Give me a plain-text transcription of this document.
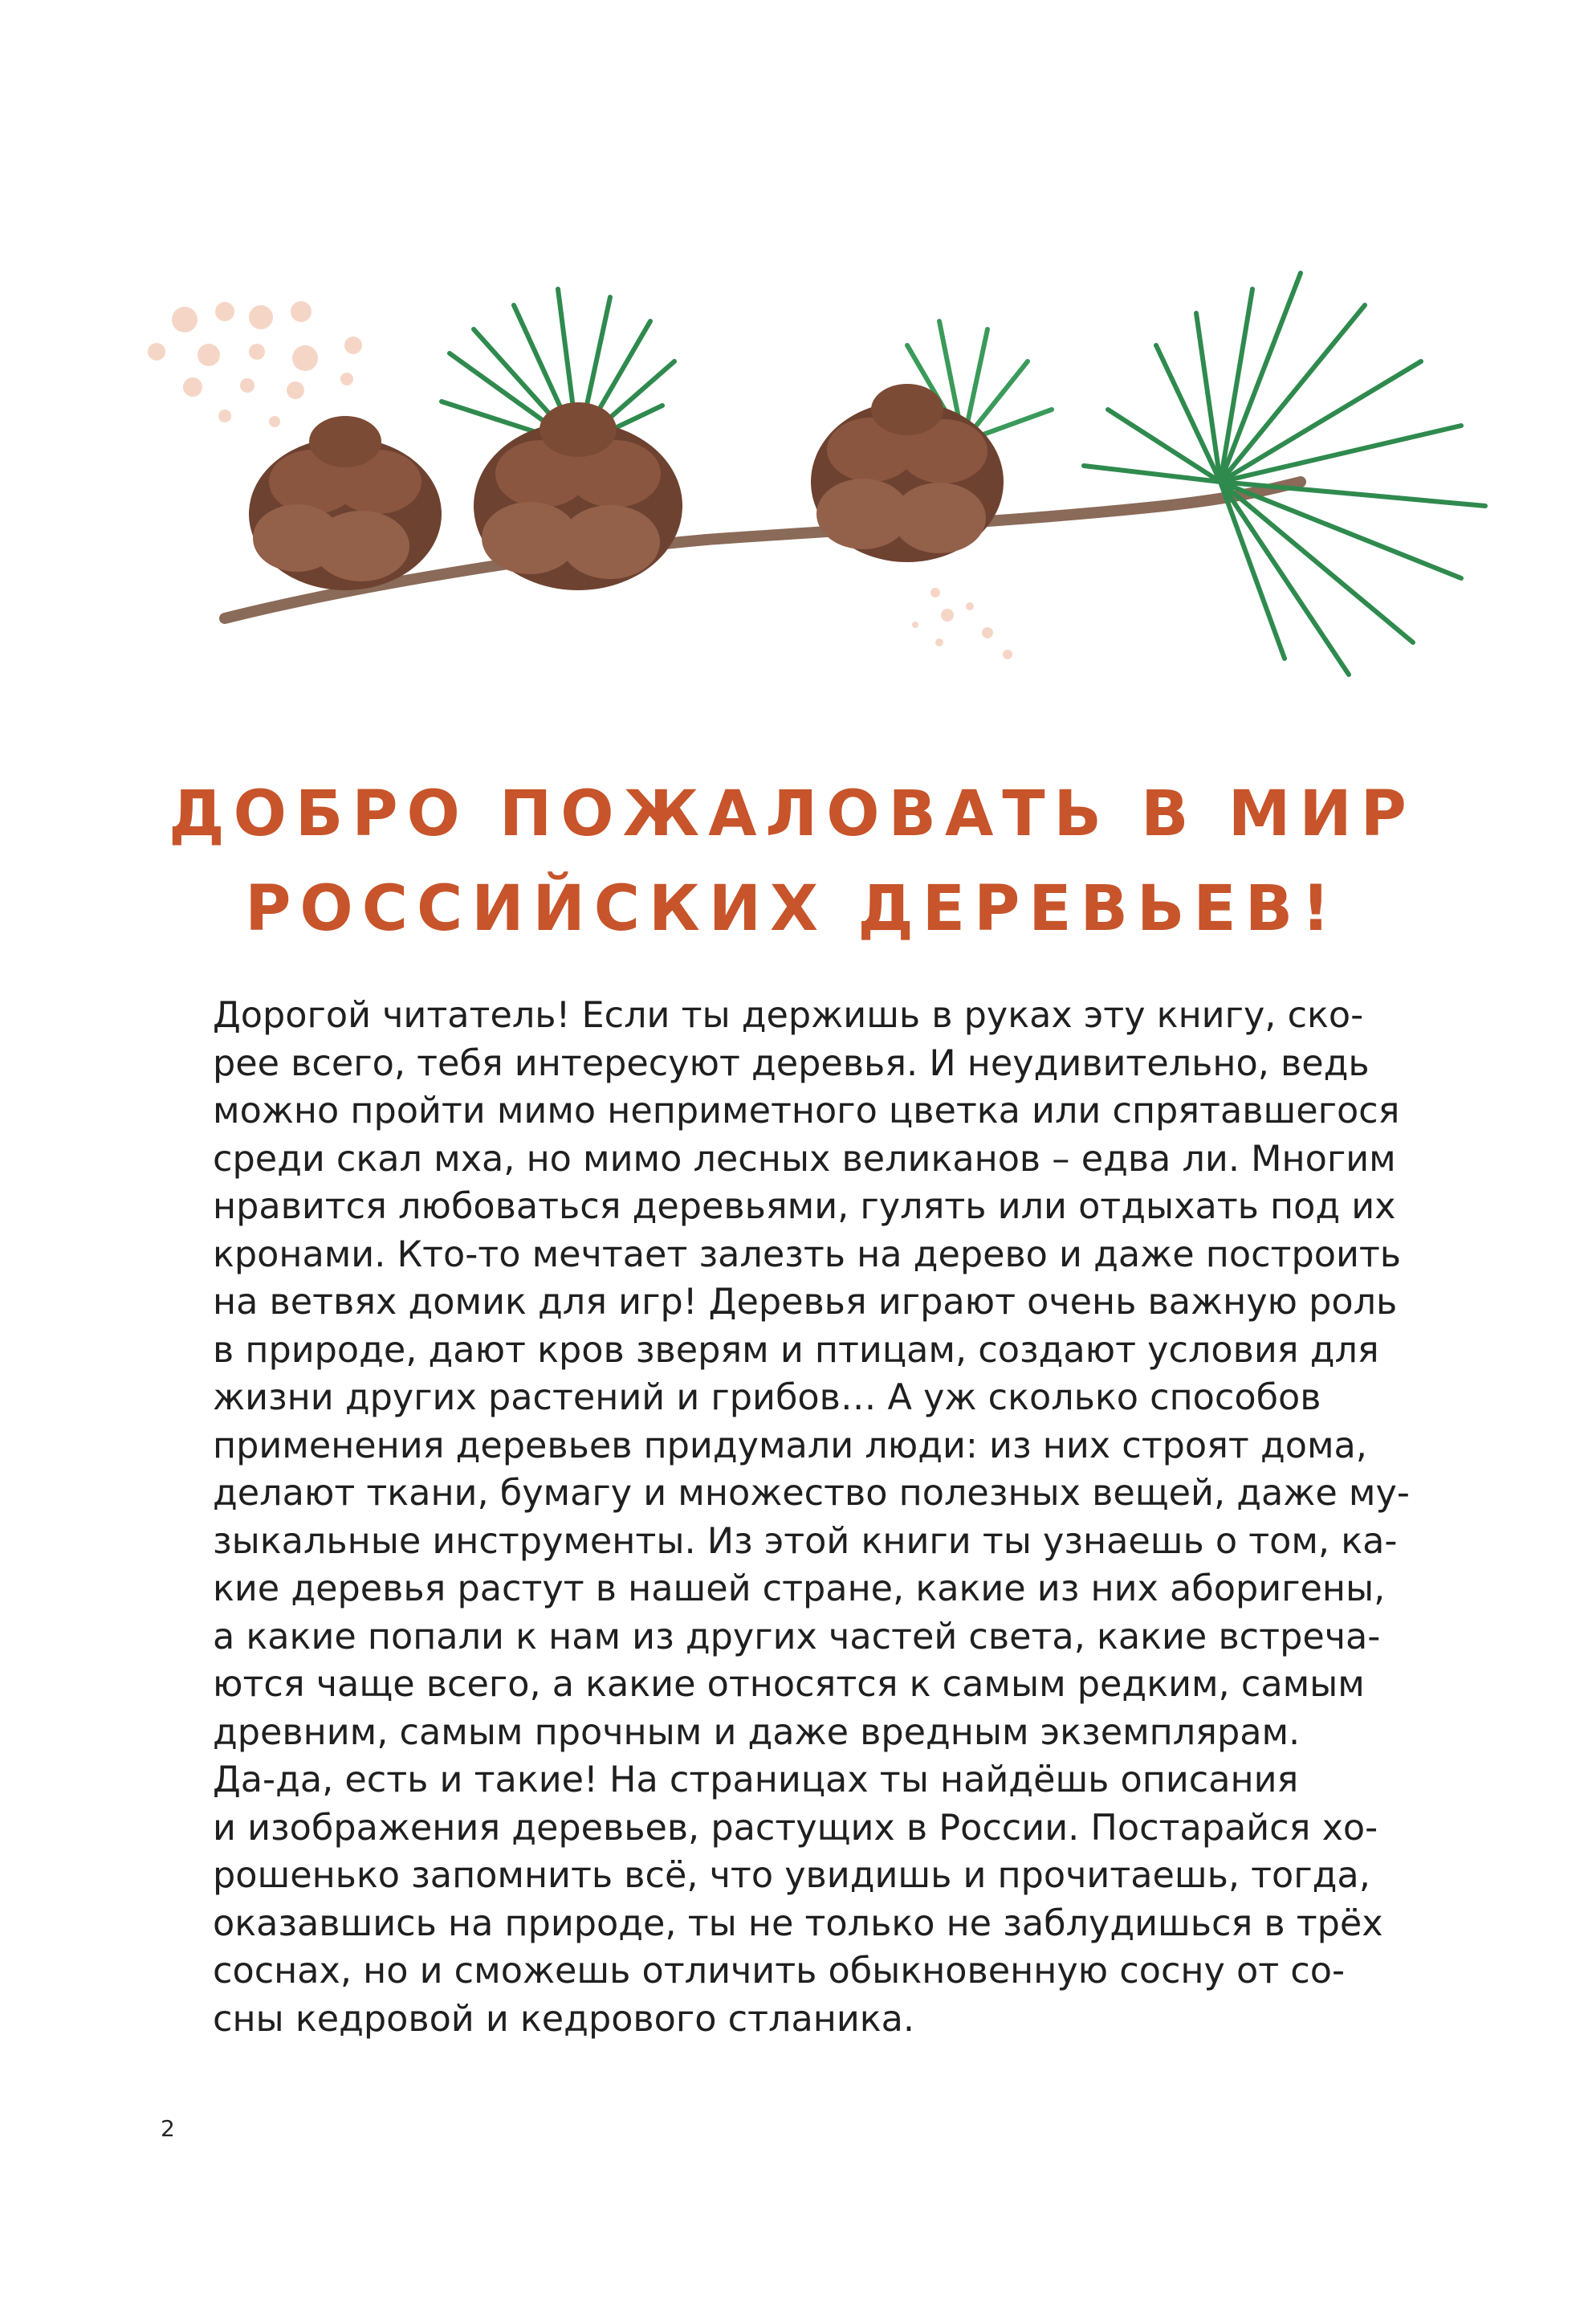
ДОБРО ПОЖАЛОВАТЬ В МИР
РОССИЙСКИХ ДЕРЕВЬЕВ!
Дорогой читатель! Если ты держишь в руках эту книгу, ско-
рее всего, тебя интересуют деревья. И неудивительно, ведь
можно пройти мимо неприметного цветка или спрятавшегося
среди скал мха, но мимо лесных великанов – едва ли. Многим
нравится любоваться деревьями, гулять или отдыхать под их
кронами. Кто-то мечтает залезть на дерево и даже построить
на ветвях домик для игр! Деревья играют очень важную роль
в природе, дают кров зверям и птицам, создают условия для
жизни других растений и грибов… А уж сколько способов
применения деревьев придумали люди: из них строят дома,
делают ткани, бумагу и множество полезных вещей, даже му-
зыкальные инструменты. Из этой книги ты узнаешь о том, ка-
кие деревья растут в нашей стране, какие из них аборигены,
а какие попали к нам из других частей света, какие встреча-
ются чаще всего, а какие относятся к самым редким, самым
древним, самым прочным и даже вредным экземплярам.
Да-да, есть и такие! На страницах ты найдёшь описания
и изображения деревьев, растущих в России. Постарайся хо-
рошенько запомнить всё, что увидишь и прочитаешь, тогда,
оказавшись на природе, ты не только не заблудишься в трёх
соснах, но и сможешь отличить обыкновенную сосну от со-
сны кедровой и кедрового стланика.
2
